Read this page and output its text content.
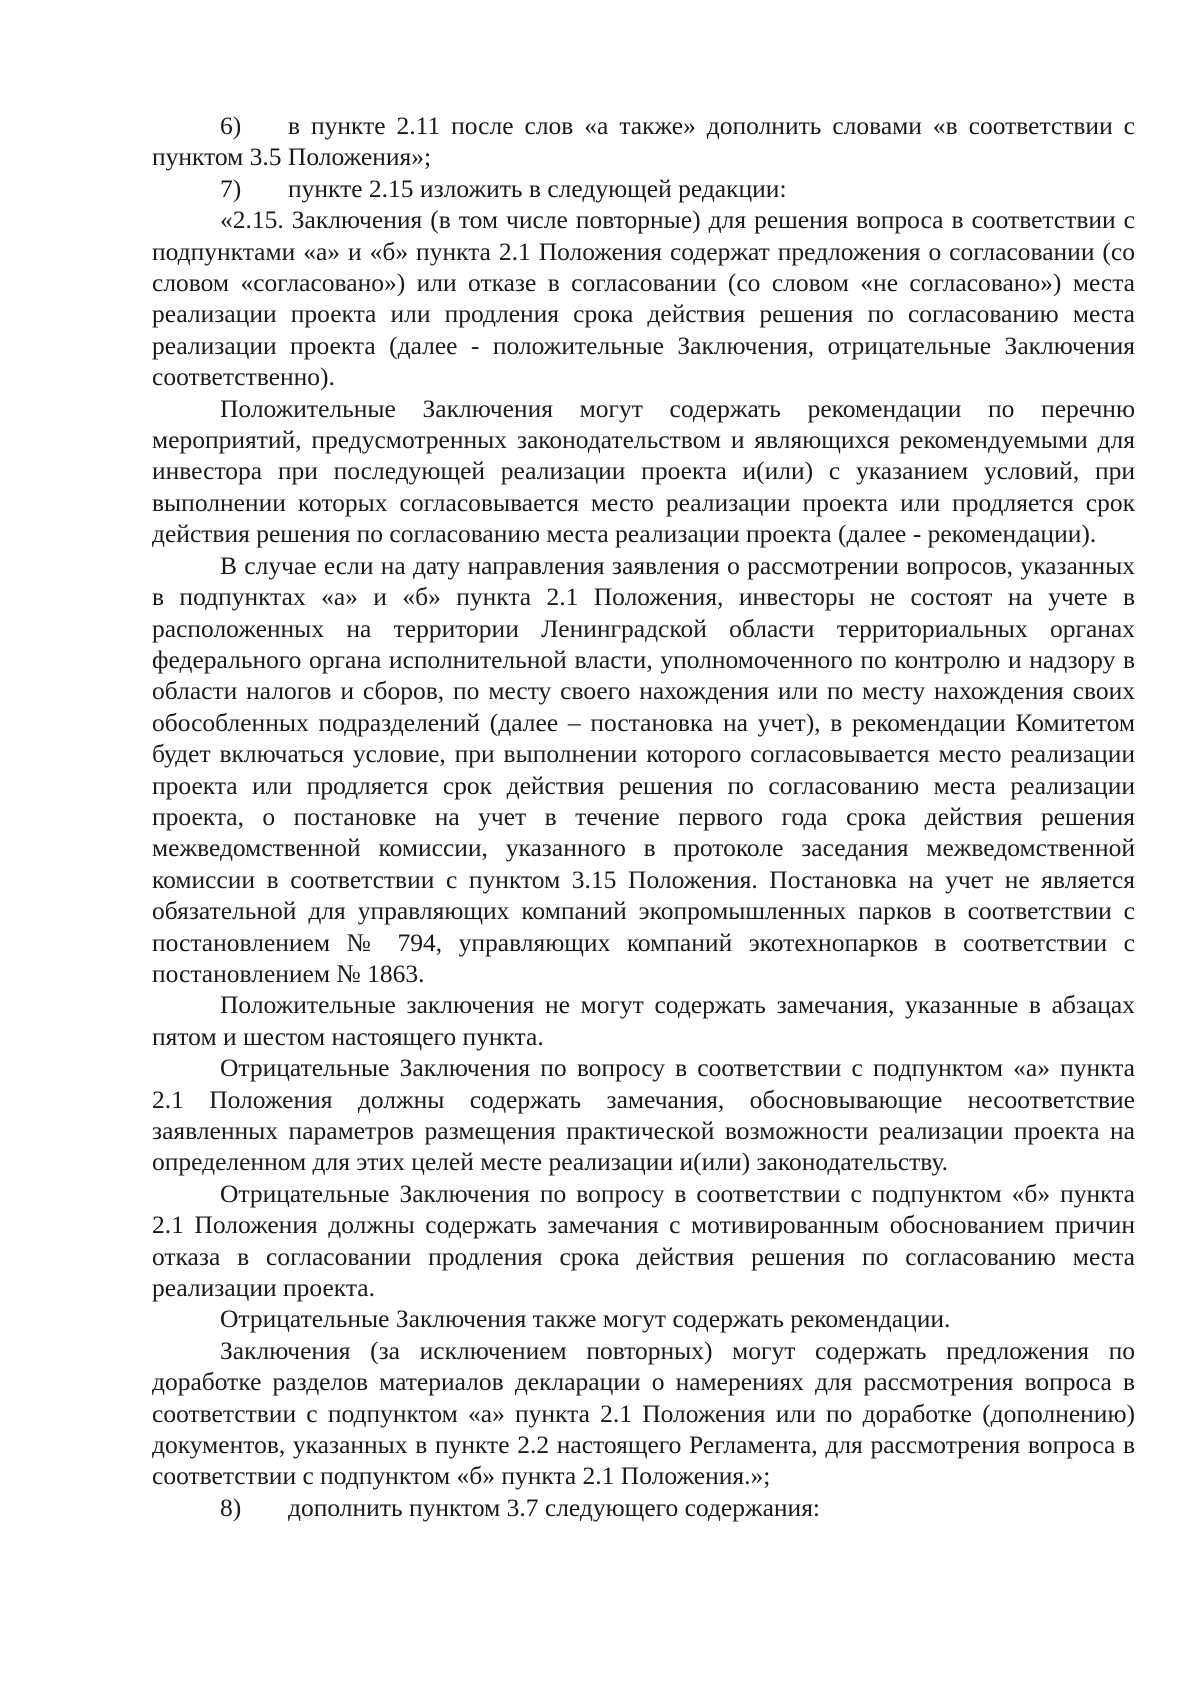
6) в пункте 2.11 после слов «а также» дополнить словами «в соответствии с пунктом 3.5 Положения»;

7) пункте 2.15 изложить в следующей редакции:

«2.15. Заключения (в том числе повторные) для решения вопроса в соответствии с подпунктами «а» и «б» пункта 2.1 Положения содержат предложения о согласовании (со словом «согласовано») или отказе в согласовании (со словом «не согласовано») места реализации проекта или продления срока действия решения по согласованию места реализации проекта (далее - положительные Заключения, отрицательные Заключения соответственно).

Положительные Заключения могут содержать рекомендации по перечню мероприятий, предусмотренных законодательством и являющихся рекомендуемыми для инвестора при последующей реализации проекта и(или) с указанием условий, при выполнении которых согласовывается место реализации проекта или продляется срок действия решения по согласованию места реализации проекта (далее - рекомендации).

В случае если на дату направления заявления о рассмотрении вопросов, указанных в подпунктах «а» и «б» пункта 2.1 Положения, инвесторы не состоят на учете в расположенных на территории Ленинградской области территориальных органах федерального органа исполнительной власти, уполномоченного по контролю и надзору в области налогов и сборов, по месту своего нахождения или по месту нахождения своих обособленных подразделений (далее – постановка на учет), в рекомендации Комитетом будет включаться условие, при выполнении которого согласовывается место реализации проекта или продляется срок действия решения по согласованию места реализации проекта, о постановке на учет в течение первого года срока действия решения межведомственной комиссии, указанного в протоколе заседания межведомственной комиссии в соответствии с пунктом 3.15 Положения. Постановка на учет не является обязательной для управляющих компаний экопромышленных парков в соответствии с постановлением № 794, управляющих компаний экотехнопарков в соответствии с постановлением № 1863.

Положительные заключения не могут содержать замечания, указанные в абзацах пятом и шестом настоящего пункта.

Отрицательные Заключения по вопросу в соответствии с подпунктом «а» пункта 2.1 Положения должны содержать замечания, обосновывающие несоответствие заявленных параметров размещения практической возможности реализации проекта на определенном для этих целей месте реализации и(или) законодательству.

Отрицательные Заключения по вопросу в соответствии с подпунктом «б» пункта 2.1 Положения должны содержать замечания с мотивированным обоснованием причин отказа в согласовании продления срока действия решения по согласованию места реализации проекта.

Отрицательные Заключения также могут содержать рекомендации.

Заключения (за исключением повторных) могут содержать предложения по доработке разделов материалов декларации о намерениях для рассмотрения вопроса в соответствии с подпунктом «а» пункта 2.1 Положения или по доработке (дополнению) документов, указанных в пункте 2.2 настоящего Регламента, для рассмотрения вопроса в соответствии с подпунктом «б» пункта 2.1 Положения.»;

8) дополнить пунктом 3.7 следующего содержания:
